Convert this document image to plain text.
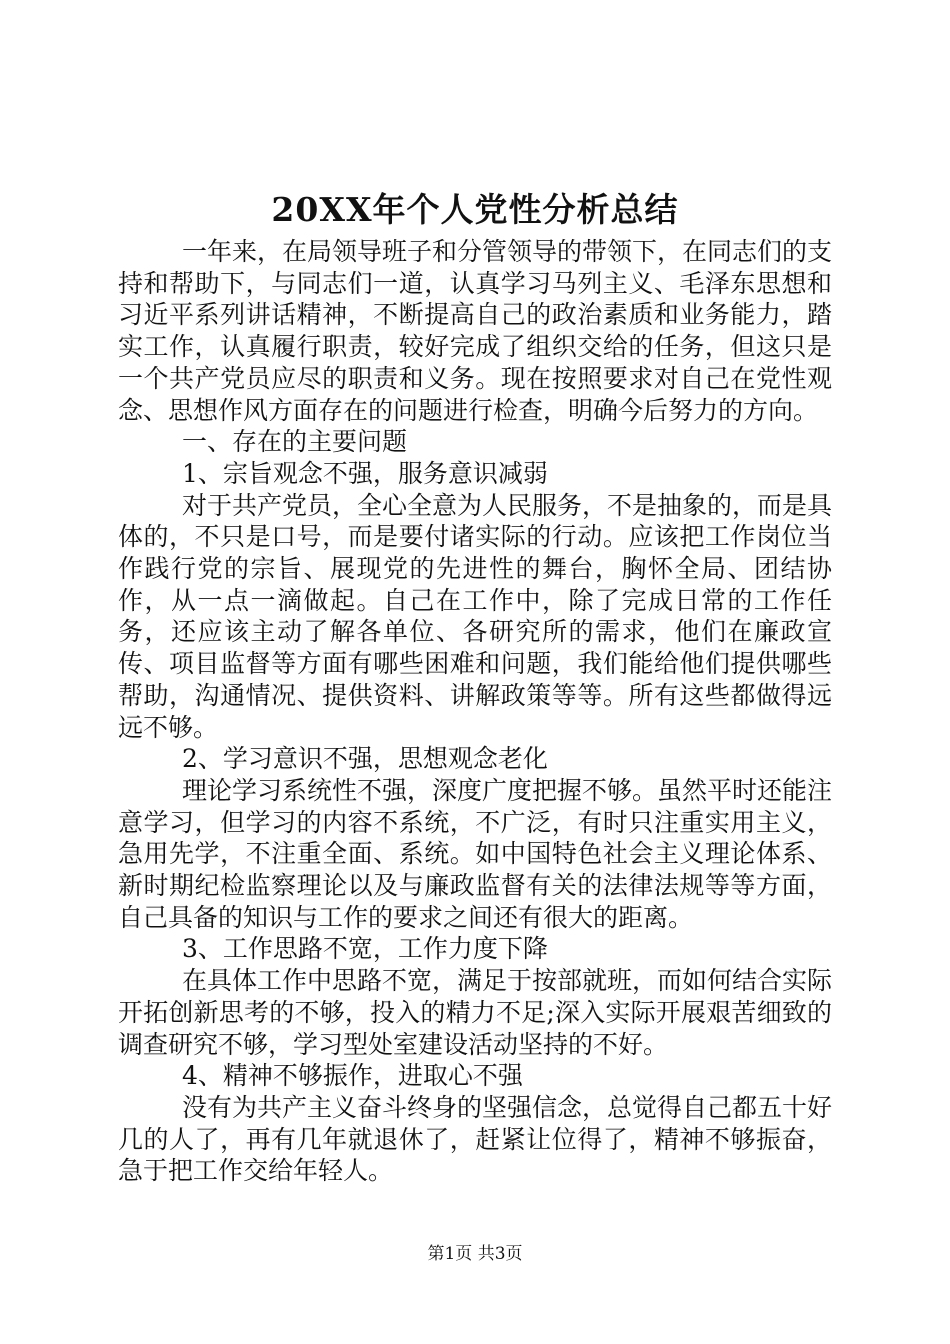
20XX年个人党性分析总结

一年来，在局领导班子和分管领导的带领下，在同志们的支持和帮助下，与同志们一道，认真学习马列主义、毛泽东思想和习近平系列讲话精神，不断提高自己的政治素质和业务能力，踏实工作，认真履行职责，较好完成了组织交给的任务，但这只是一个共产党员应尽的职责和义务。现在按照要求对自己在党性观念、思想作风方面存在的问题进行检查，明确今后努力的方向。

一、存在的主要问题

1、宗旨观念不强，服务意识减弱

对于共产党员，全心全意为人民服务，不是抽象的，而是具体的，不只是口号，而是要付诸实际的行动。应该把工作岗位当作践行党的宗旨、展现党的先进性的舞台，胸怀全局、团结协作，从一点一滴做起。自己在工作中，除了完成日常的工作任务，还应该主动了解各单位、各研究所的需求，他们在廉政宣传、项目监督等方面有哪些困难和问题，我们能给他们提供哪些帮助，沟通情况、提供资料、讲解政策等等。所有这些都做得远远不够。

2、学习意识不强，思想观念老化

理论学习系统性不强，深度广度把握不够。虽然平时还能注意学习，但学习的内容不系统，不广泛，有时只注重实用主义，急用先学，不注重全面、系统。如中国特色社会主义理论体系、新时期纪检监察理论以及与廉政监督有关的法律法规等等方面，自己具备的知识与工作的要求之间还有很大的距离。

3、工作思路不宽，工作力度下降

在具体工作中思路不宽，满足于按部就班，而如何结合实际开拓创新思考的不够，投入的精力不足;深入实际开展艰苦细致的调查研究不够，学习型处室建设活动坚持的不好。

4、精神不够振作，进取心不强

没有为共产主义奋斗终身的坚强信念，总觉得自己都五十好几的人了，再有几年就退休了，赶紧让位得了，精神不够振奋，急于把工作交给年轻人。

第1页 共3页
